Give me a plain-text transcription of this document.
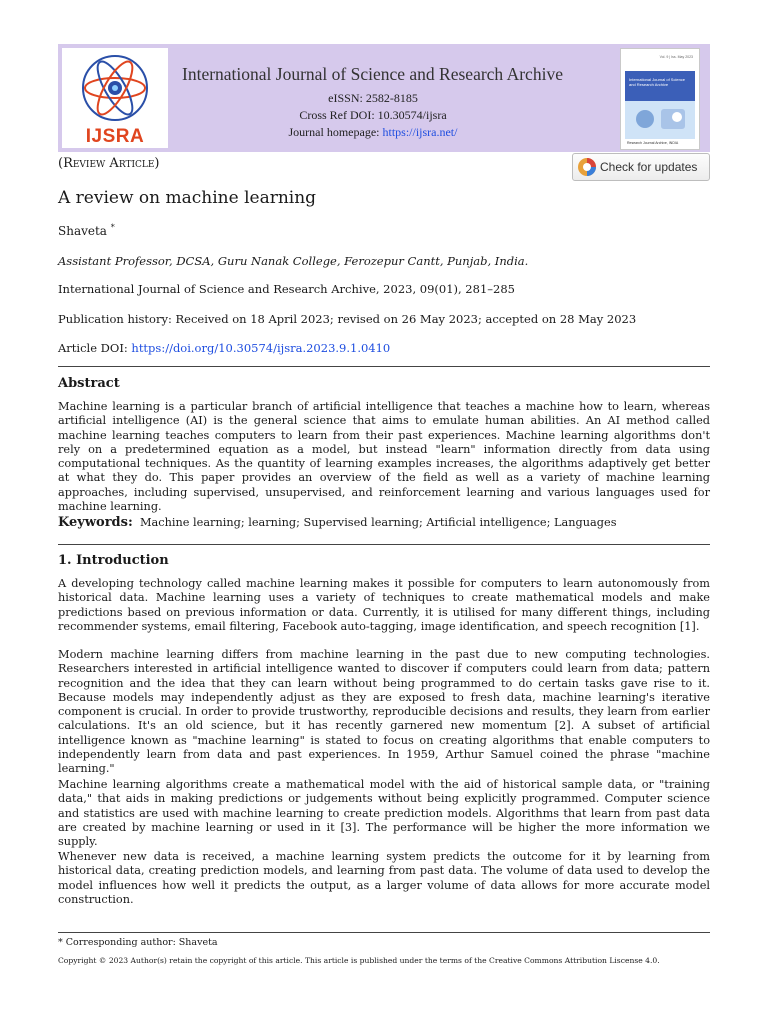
IJSRA
International Journal of Science and Research Archive
eISSN: 2582-8185
Cross Ref DOI: 10.30574/ijsra
Journal homepage: https://ijsra.net/
Vol. 9 | Iss. May 2023
International Journal of Science and Research Archive
Research Journal Archive, INDIA
(Review Article)	Check for updates
A review on machine learning
Shaveta *
Assistant Professor, DCSA, Guru Nanak College, Ferozepur Cantt, Punjab, India.
International Journal of Science and Research Archive, 2023, 09(01), 281–285
Publication history: Received on 18 April 2023; revised on 26 May 2023; accepted on 28 May 2023
Article DOI: https://doi.org/10.30574/ijsra.2023.9.1.0410
Abstract

Machine learning is a particular branch of artificial intelligence that teaches a machine how to learn, whereas artificial intelligence (AI) is the general science that aims to emulate human abilities. An AI method called machine learning teaches computers to learn from their past experiences. Machine learning algorithms don't rely on a predetermined equation as a model, but instead "learn" information directly from data using computational techniques. As the quantity of learning examples increases, the algorithms adaptively get better at what they do. This paper provides an overview of the field as well as a variety of machine learning approaches, including supervised, unsupervised, and reinforcement learning and various languages used for machine learning.

Keywords: Machine learning; learning; Supervised learning; Artificial intelligence; Languages
1. Introduction

A developing technology called machine learning makes it possible for computers to learn autonomously from historical data. Machine learning uses a variety of techniques to create mathematical models and make predictions based on previous information or data. Currently, it is utilised for many different things, including recommender systems, email filtering, Facebook auto-tagging, image identification, and speech recognition [1].

Modern machine learning differs from machine learning in the past due to new computing technologies. Researchers interested in artificial intelligence wanted to discover if computers could learn from data; pattern recognition and the idea that they can learn without being programmed to do certain tasks gave rise to it. Because models may independently adjust as they are exposed to fresh data, machine learning's iterative component is crucial. In order to provide trustworthy, reproducible decisions and results, they learn from earlier calculations. It's an old science, but it has recently garnered new momentum [2]. A subset of artificial intelligence known as "machine learning" is stated to focus on creating algorithms that enable computers to independently learn from data and past experiences. In 1959, Arthur Samuel coined the phrase "machine learning."

Machine learning algorithms create a mathematical model with the aid of historical sample data, or "training data," that aids in making predictions or judgements without being explicitly programmed. Computer science and statistics are used with machine learning to create prediction models. Algorithms that learn from past data are created by machine learning or used in it [3]. The performance will be higher the more information we supply.

Whenever new data is received, a machine learning system predicts the outcome for it by learning from historical data, creating prediction models, and learning from past data. The volume of data used to develop the model influences how well it predicts the output, as a larger volume of data allows for more accurate model construction.

* Corresponding author: Shaveta
Copyright © 2023 Author(s) retain the copyright of this article. This article is published under the terms of the Creative Commons Attribution Liscense 4.0.
